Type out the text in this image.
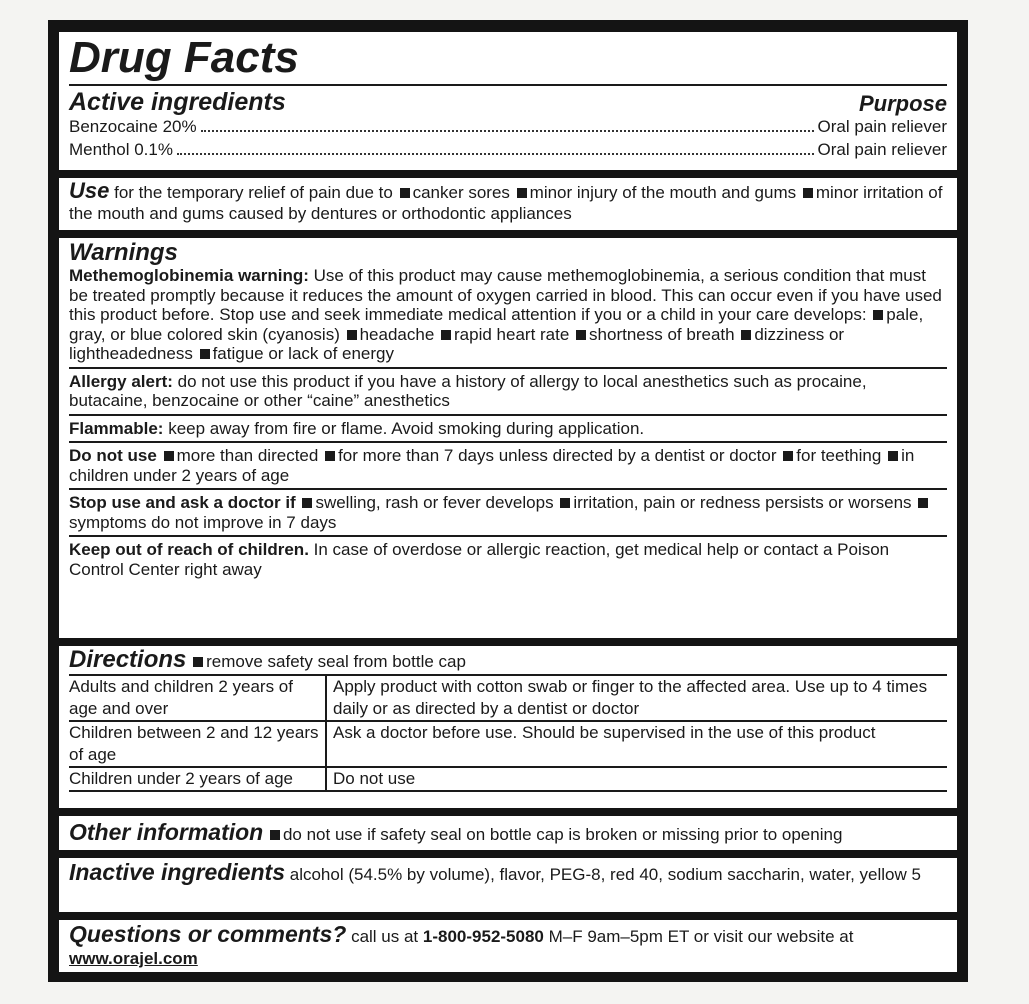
Drug Facts
Active ingredients	Purpose
Benzocaine 20%	Oral pain reliever
Menthol 0.1%	Oral pain reliever
Use for the temporary relief of pain due to canker sores minor injury of the mouth and gums minor irritation of the mouth and gums caused by dentures or orthodontic appliances
Warnings
Methemoglobinemia warning: Use of this product may cause methemoglobinemia, a serious condition that must be treated promptly because it reduces the amount of oxygen carried in blood. This can occur even if you have used this product before. Stop use and seek immediate medical attention if you or a child in your care develops: pale, gray, or blue colored skin (cyanosis) headache rapid heart rate shortness of breath dizziness or lightheadedness fatigue or lack of energy
Allergy alert: do not use this product if you have a history of allergy to local anesthetics such as procaine, butacaine, benzocaine or other “caine” anesthetics
Flammable: keep away from fire or flame. Avoid smoking during application.
Do not use more than directed for more than 7 days unless directed by a dentist or doctor for teething in children under 2 years of age
Stop use and ask a doctor if swelling, rash or fever develops irritation, pain or redness persists or worsens symptoms do not improve in 7 days
Keep out of reach of children. In case of overdose or allergic reaction, get medical help or contact a Poison Control Center right away
Directions remove safety seal from bottle cap
Adults and children 2 years of age and over	Apply product with cotton swab or finger to the affected area. Use up to 4 times daily or as directed by a dentist or doctor
Children between 2 and 12 years of age	Ask a doctor before use. Should be supervised in the use of this product
Children under 2 years of age	Do not use
Other information do not use if safety seal on bottle cap is broken or missing prior to opening
Inactive ingredients alcohol (54.5% by volume), flavor, PEG-8, red 40, sodium saccharin, water, yellow 5
Questions or comments? call us at 1-800-952-5080 M–F 9am–5pm ET or visit our website at www.orajel.com
